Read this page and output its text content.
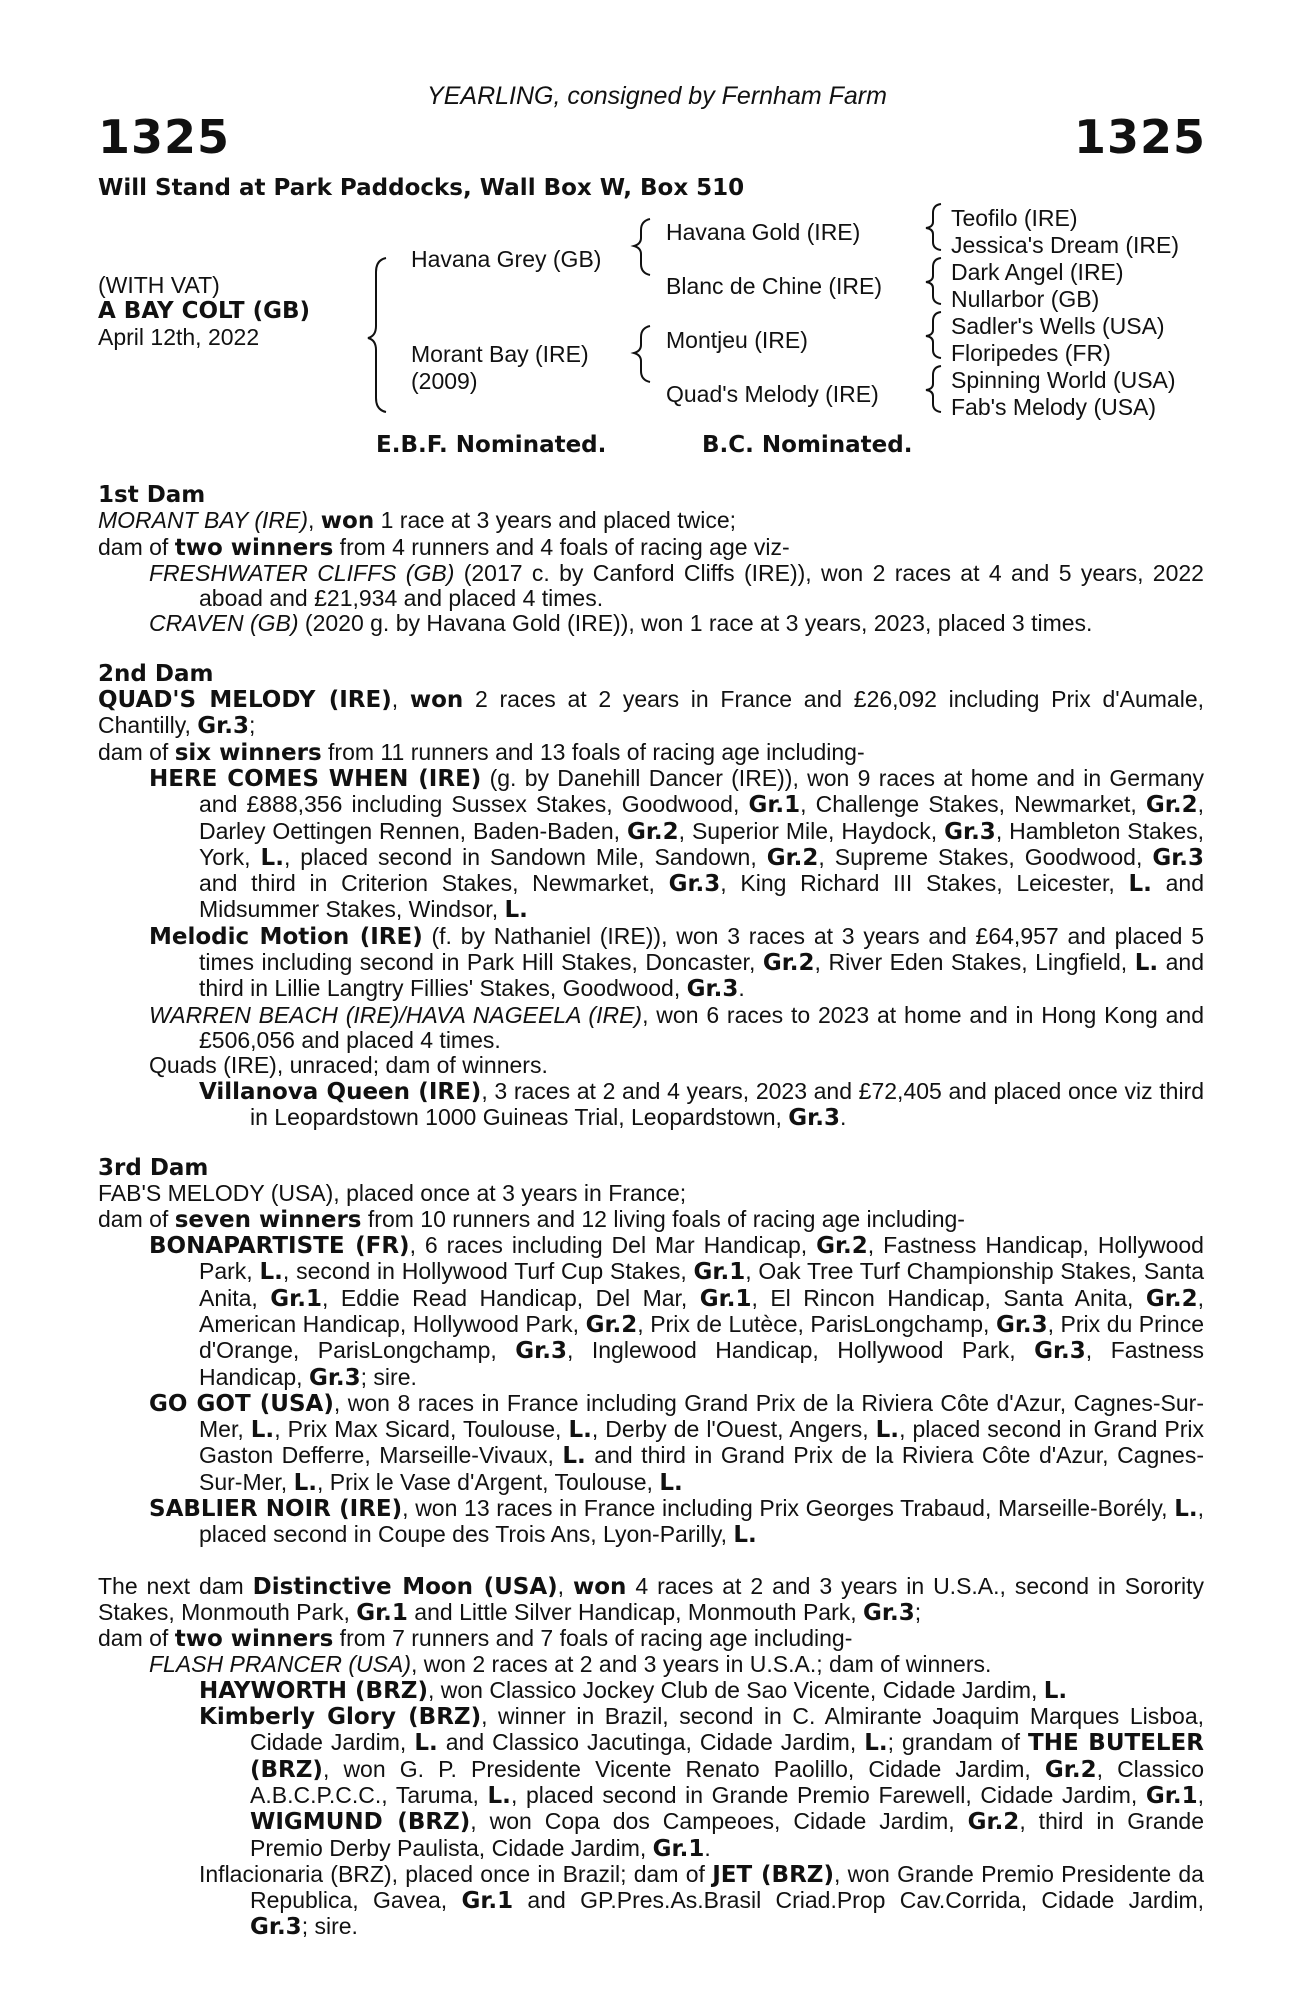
YEARLING, consigned by Fernham Farm
1325	1325
Will Stand at Park Paddocks, Wall Box W, Box 510
(WITH VAT)
A BAY COLT (GB)
April 12th, 2022
Havana Grey (GB)
Morant Bay (IRE)
(2009)
Havana Gold (IRE)
Blanc de Chine (IRE)
Montjeu (IRE)
Quad's Melody (IRE)
Teofilo (IRE)
Jessica's Dream (IRE)
Dark Angel (IRE)
Nullarbor (GB)
Sadler's Wells (USA)
Floripedes (FR)
Spinning World (USA)
Fab's Melody (USA)
E.B.F. Nominated.	B.C. Nominated.

1st Dam

MORANT BAY (IRE), won 1 race at 3 years and placed twice;

dam of two winners from 4 runners and 4 foals of racing age viz-

FRESHWATER CLIFFS (GB) (2017 c. by Canford Cliffs (IRE)), won 2 races at 4 and 5 years, 2022 aboad and £21,934 and placed 4 times.

CRAVEN (GB) (2020 g. by Havana Gold (IRE)), won 1 race at 3 years, 2023, placed 3 times.

2nd Dam

QUAD'S MELODY (IRE), won 2 races at 2 years in France and £26,092 including Prix d'Aumale, Chantilly, Gr.3;

dam of six winners from 11 runners and 13 foals of racing age including-

HERE COMES WHEN (IRE) (g. by Danehill Dancer (IRE)), won 9 races at home and in Germany and £888,356 including Sussex Stakes, Goodwood, Gr.1, Challenge Stakes, Newmarket, Gr.2, Darley Oettingen Rennen, Baden-Baden, Gr.2, Superior Mile, Haydock, Gr.3, Hambleton Stakes, York, L., placed second in Sandown Mile, Sandown, Gr.2, Supreme Stakes, Goodwood, Gr.3 and third in Criterion Stakes, Newmarket, Gr.3, King Richard III Stakes, Leicester, L. and Midsummer Stakes, Windsor, L.

Melodic Motion (IRE) (f. by Nathaniel (IRE)), won 3 races at 3 years and £64,957 and placed 5 times including second in Park Hill Stakes, Doncaster, Gr.2, River Eden Stakes, Lingfield, L. and third in Lillie Langtry Fillies' Stakes, Goodwood, Gr.3.

WARREN BEACH (IRE)/HAVA NAGEELA (IRE), won 6 races to 2023 at home and in Hong Kong and £506,056 and placed 4 times.

Quads (IRE), unraced; dam of winners.

Villanova Queen (IRE), 3 races at 2 and 4 years, 2023 and £72,405 and placed once viz third in Leopardstown 1000 Guineas Trial, Leopardstown, Gr.3.

3rd Dam

FAB'S MELODY (USA), placed once at 3 years in France;

dam of seven winners from 10 runners and 12 living foals of racing age including-

BONAPARTISTE (FR), 6 races including Del Mar Handicap, Gr.2, Fastness Handicap, Hollywood Park, L., second in Hollywood Turf Cup Stakes, Gr.1, Oak Tree Turf Championship Stakes, Santa Anita, Gr.1, Eddie Read Handicap, Del Mar, Gr.1, El Rincon Handicap, Santa Anita, Gr.2, American Handicap, Hollywood Park, Gr.2, Prix de Lutèce, ParisLongchamp, Gr.3, Prix du Prince d'Orange, ParisLongchamp, Gr.3, Inglewood Handicap, Hollywood Park, Gr.3, Fastness Handicap, Gr.3; sire.

GO GOT (USA), won 8 races in France including Grand Prix de la Riviera Côte d'Azur, Cagnes-Sur-Mer, L., Prix Max Sicard, Toulouse, L., Derby de l'Ouest, Angers, L., placed second in Grand Prix Gaston Defferre, Marseille-Vivaux, L. and third in Grand Prix de la Riviera Côte d'Azur, Cagnes-Sur-Mer, L., Prix le Vase d'Argent, Toulouse, L.

SABLIER NOIR (IRE), won 13 races in France including Prix Georges Trabaud, Marseille-Borély, L., placed second in Coupe des Trois Ans, Lyon-Parilly, L.

The next dam Distinctive Moon (USA), won 4 races at 2 and 3 years in U.S.A., second in Sorority Stakes, Monmouth Park, Gr.1 and Little Silver Handicap, Monmouth Park, Gr.3;

dam of two winners from 7 runners and 7 foals of racing age including-

FLASH PRANCER (USA), won 2 races at 2 and 3 years in U.S.A.; dam of winners.

HAYWORTH (BRZ), won Classico Jockey Club de Sao Vicente, Cidade Jardim, L.

Kimberly Glory (BRZ), winner in Brazil, second in C. Almirante Joaquim Marques Lisboa, Cidade Jardim, L. and Classico Jacutinga, Cidade Jardim, L.; grandam of THE BUTELER (BRZ), won G. P. Presidente Vicente Renato Paolillo, Cidade Jardim, Gr.2, Classico A.B.C.P.C.C., Taruma, L., placed second in Grande Premio Farewell, Cidade Jardim, Gr.1, WIGMUND (BRZ), won Copa dos Campeoes, Cidade Jardim, Gr.2, third in Grande Premio Derby Paulista, Cidade Jardim, Gr.1.

Inflacionaria (BRZ), placed once in Brazil; dam of JET (BRZ), won Grande Premio Presidente da Republica, Gavea, Gr.1 and GP.Pres.As.Brasil Criad.Prop Cav.Corrida, Cidade Jardim, Gr.3; sire.
